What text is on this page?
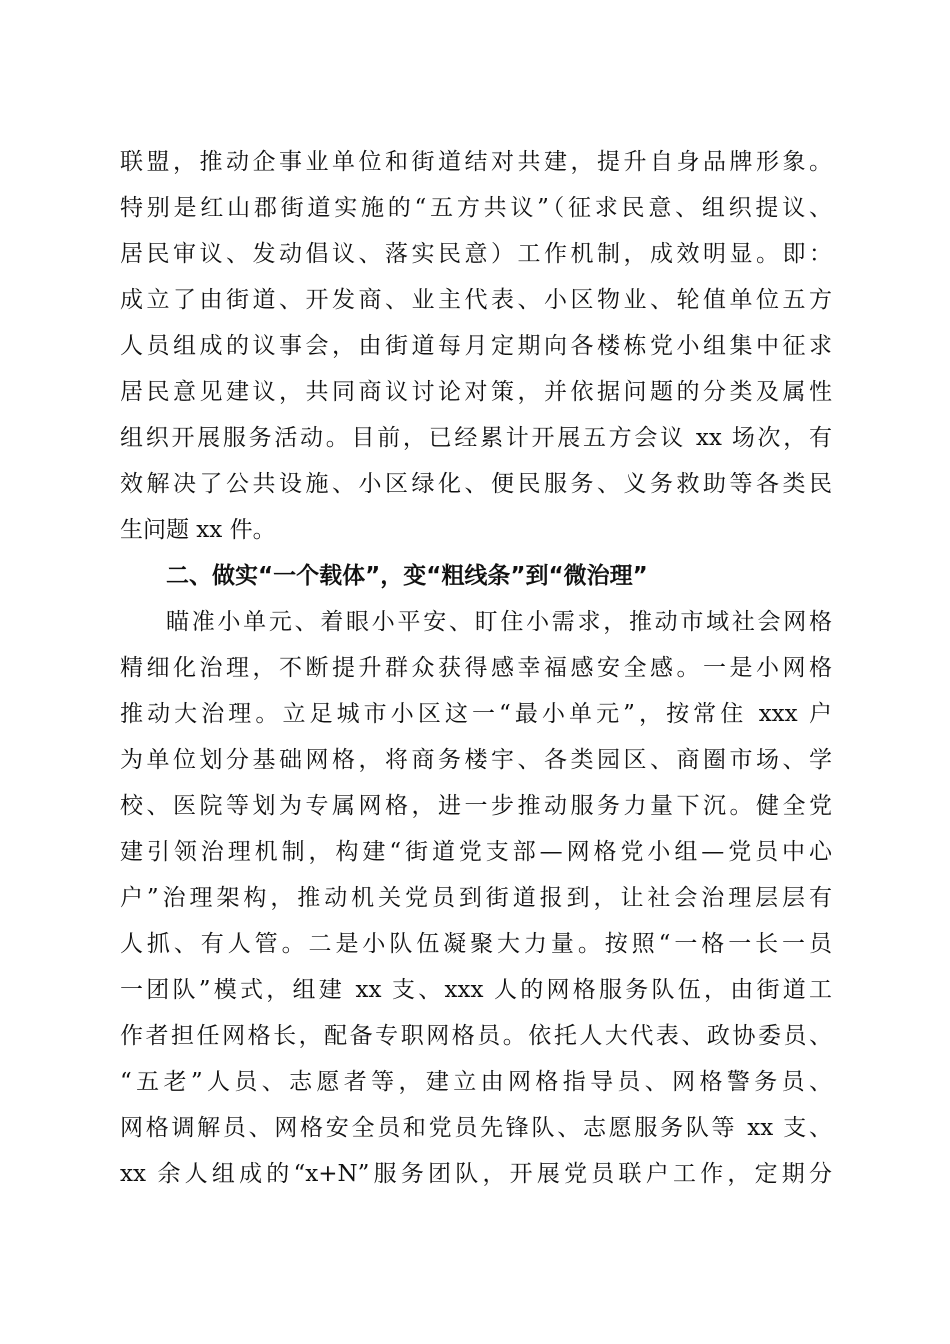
联盟，推动企事业单位和街道结对共建，提升自身品牌形象。
特别是红山郡街道实施的“五方共议”（征求民意、组织提议、
居民审议、发动倡议、落实民意）工作机制，成效明显。即：
成立了由街道、开发商、业主代表、小区物业、轮值单位五方
人员组成的议事会，由街道每月定期向各楼栋党小组集中征求
居民意见建议，共同商议讨论对策，并依据问题的分类及属性
组织开展服务活动。目前，已经累计开展五方会议 xx 场次，有
效解决了公共设施、小区绿化、便民服务、义务救助等各类民
生问题 xx 件。
二、做实“一个载体”，变“粗线条”到“微治理”
瞄准小单元、着眼小平安、盯住小需求，推动市域社会网格
精细化治理，不断提升群众获得感幸福感安全感。一是小网格
推动大治理。立足城市小区这一“最小单元”，按常住 xxx 户
为单位划分基础网格，将商务楼宇、各类园区、商圈市场、学
校、医院等划为专属网格，进一步推动服务力量下沉。健全党
建引领治理机制，构建“街道党支部—网格党小组—党员中心
户”治理架构，推动机关党员到街道报到，让社会治理层层有
人抓、有人管。二是小队伍凝聚大力量。按照“一格一长一员
一团队”模式，组建 xx 支、xxx 人的网格服务队伍，由街道工
作者担任网格长，配备专职网格员。依托人大代表、政协委员、
“五老”人员、志愿者等，建立由网格指导员、网格警务员、
网格调解员、网格安全员和党员先锋队、志愿服务队等 xx 支、
xx 余人组成的“x+N”服务团队，开展党员联户工作，定期分
